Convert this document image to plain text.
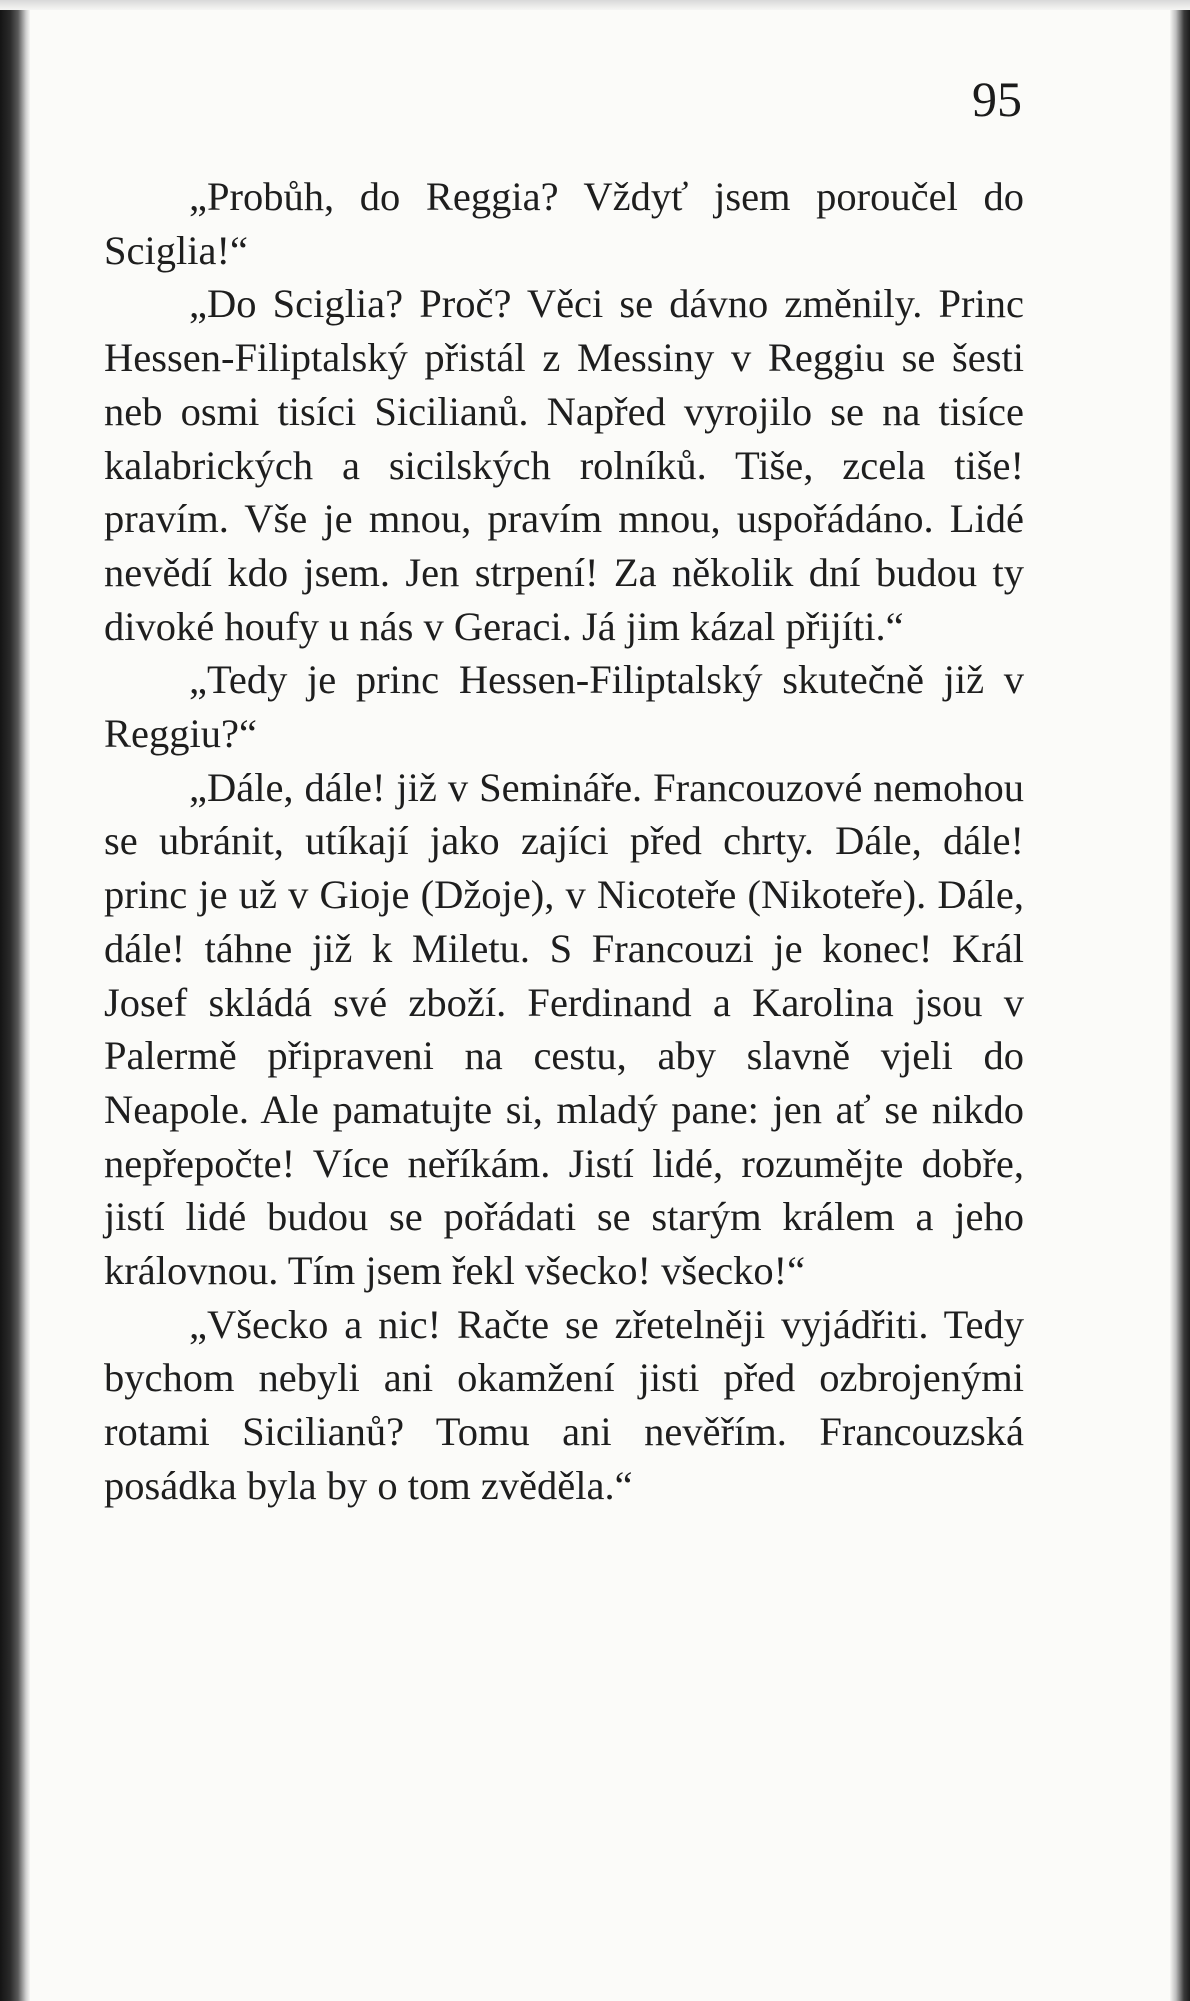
95

„Probůh, do Reggia? Vždyť jsem poroučel do Sciglia!“

„Do Sciglia? Proč? Věci se dávno změnily. Princ Hessen-Filiptalský přistál z Messiny v Reggiu se šesti neb osmi tisíci Sicilianů. Napřed vyrojilo se na tisíce kalabrických a sicilských rolníků. Tiše, zcela tiše! pravím. Vše je mnou, pravím mnou, uspořádáno. Lidé nevědí kdo jsem. Jen strpení! Za několik dní budou ty divoké houfy u nás v Geraci. Já jim kázal přijíti.“

„Tedy je princ Hessen-Filiptalský skutečně již v Reggiu?“

„Dále, dále! již v Semináře. Francouzové nemohou se ubránit, utíkají jako zajíci před chrty. Dále, dále! princ je už v Gioje (Džoje), v Nicoteře (Nikoteře). Dále, dále! táhne již k Miletu. S Francouzi je konec! Král Josef skládá své zboží. Ferdinand a Karolina jsou v Palermě připraveni na cestu, aby slavně vjeli do Neapole. Ale pamatujte si, mladý pane: jen ať se nikdo nepřepočte! Více neříkám. Jistí lidé, rozumějte dobře, jistí lidé budou se pořádati se starým králem a jeho královnou. Tím jsem řekl všecko! všecko!“

„Všecko a nic! Račte se zřetelněji vyjádřiti. Tedy bychom nebyli ani okamžení jisti před ozbrojenými rotami Sicilianů? Tomu ani nevěřím. Francouzská posádka byla by o tom zvěděla.“
